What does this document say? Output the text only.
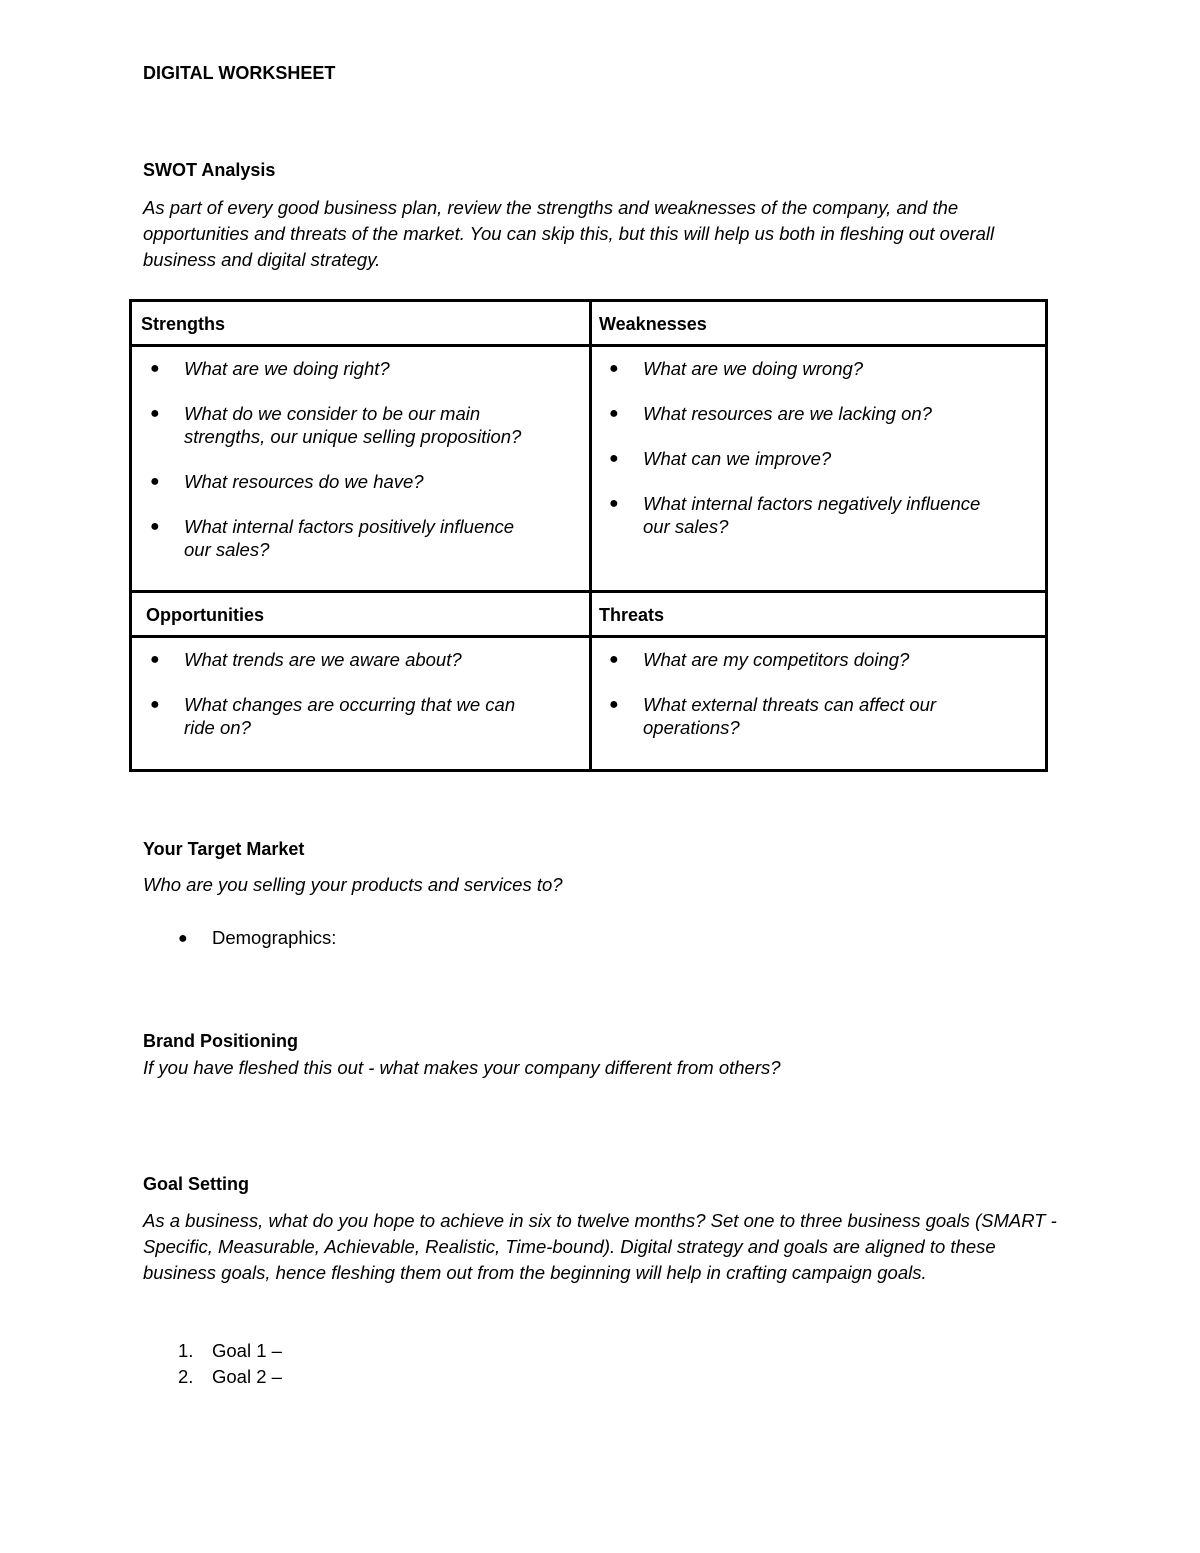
DIGITAL WORKSHEET
SWOT Analysis

As part of every good business plan, review the strengths and weaknesses of the company, and the opportunities and threats of the market. You can skip this, but this will help us both in fleshing out overall business and digital strategy.

Strengths
● What are we doing right?
● What do we consider to be our main strengths, our unique selling proposition?
● What resources do we have?
● What internal factors positively influence our sales?
Weaknesses
● What are we doing wrong?
● What resources are we lacking on?
● What can we improve?
● What internal factors negatively influence our sales?
Opportunities
● What trends are we aware about?
● What changes are occurring that we can ride on?
Threats
● What are my competitors doing?
● What external threats can affect our operations?
Your Target Market

Who are you selling your products and services to?

● Demographics:
Brand Positioning

If you have fleshed this out - what makes your company different from others?

Goal Setting

As a business, what do you hope to achieve in six to twelve months? Set one to three business goals (SMART - Specific, Measurable, Achievable, Realistic, Time-bound). Digital strategy and goals are aligned to these business goals, hence fleshing them out from the beginning will help in crafting campaign goals.

1. Goal 1 –
2. Goal 2 –
